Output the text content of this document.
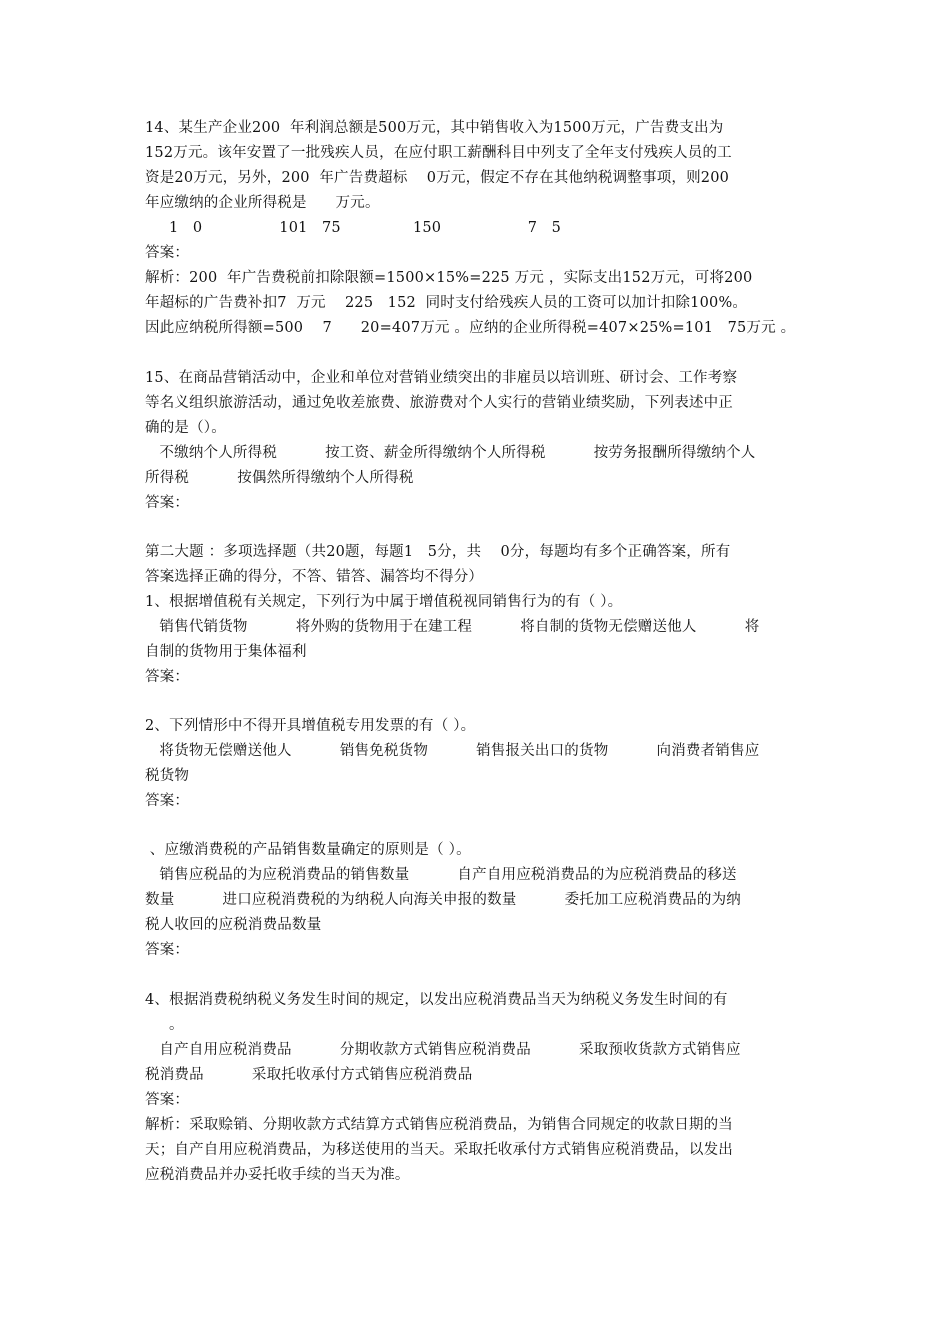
14、某生产企业200  年利润总额是500万元，其中销售收入为1500万元，广告费支出为
152万元。该年安置了一批残疾人员，在应付职工薪酬科目中列支了全年支付残疾人员的工
资是20万元，另外，200  年广告费超标    0万元，假定不存在其他纳税调整事项，则200
年应缴纳的企业所得税是      万元。
1   0                101   75               150                  7   5
答案：
解析：200  年广告费税前扣除限额=1500×15%=225 万元 ，实际支出152万元，可将200
年超标的广告费补扣7  万元    225   152  同时支付给残疾人员的工资可以加计扣除100%。
因此应纳税所得额=500    7      20=407万元 。应纳的企业所得税=407×25%=101   75万元 。
15、在商品营销活动中，企业和单位对营销业绩突出的非雇员以培训班、研讨会、工作考察
等名义组织旅游活动，通过免收差旅费、旅游费对个人实行的营销业绩奖励，下列表述中正
确的是（）。
不缴纳个人所得税          按工资、薪金所得缴纳个人所得税          按劳务报酬所得缴纳个人
所得税          按偶然所得缴纳个人所得税
答案：
第二大题 ：多项选择题（共20题，每题1   5分，共    0分，每题均有多个正确答案，所有
答案选择正确的得分，不答、错答、漏答均不得分）
1、根据增值税有关规定，下列行为中属于增值税视同销售行为的有（ ）。
销售代销货物          将外购的货物用于在建工程          将自制的货物无偿赠送他人          将
自制的货物用于集体福利
答案：
2、下列情形中不得开具增值税专用发票的有（ ）。
将货物无偿赠送他人          销售免税货物          销售报关出口的货物          向消费者销售应
税货物
答案：
、应缴消费税的产品销售数量确定的原则是（ ）。
销售应税品的为应税消费品的销售数量          自产自用应税消费品的为应税消费品的移送
数量          进口应税消费税的为纳税人向海关申报的数量          委托加工应税消费品的为纳
税人收回的应税消费品数量
答案：
4、根据消费税纳税义务发生时间的规定，以发出应税消费品当天为纳税义务发生时间的有
。
自产自用应税消费品          分期收款方式销售应税消费品          采取预收货款方式销售应
税消费品          采取托收承付方式销售应税消费品
答案：
解析：采取赊销、分期收款方式结算方式销售应税消费品，为销售合同规定的收款日期的当
天；自产自用应税消费品，为移送使用的当天。采取托收承付方式销售应税消费品，以发出
应税消费品并办妥托收手续的当天为准。
